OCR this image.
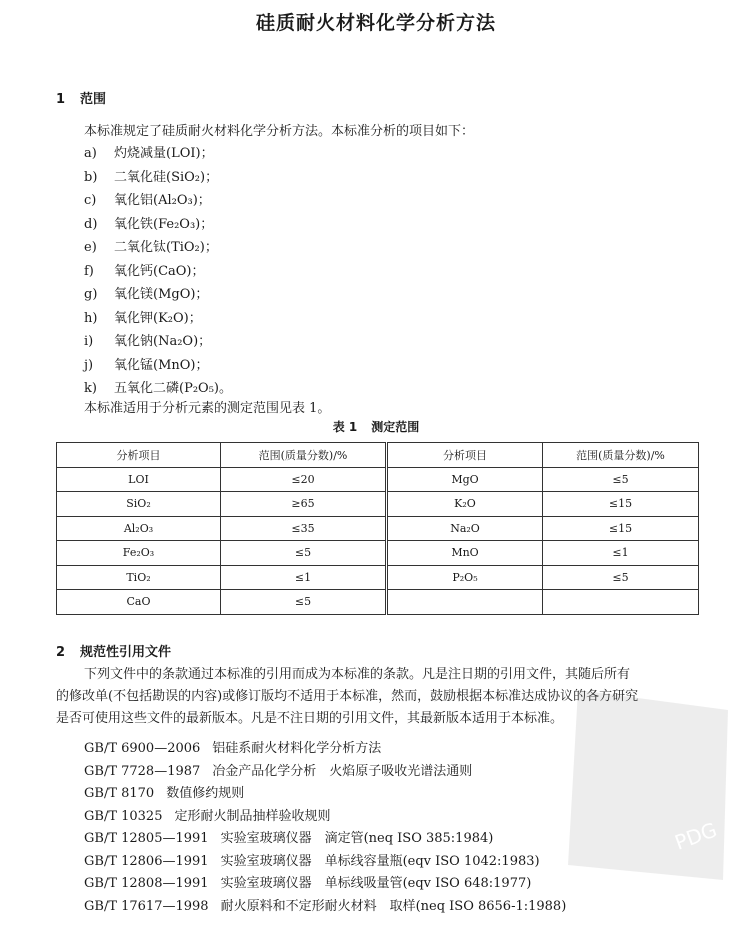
硅质耐火材料化学分析方法
1 范围
本标准规定了硅质耐火材料化学分析方法。本标准分析的项目如下：
a) 灼烧减量(LOI)；
b) 二氧化硅(SiO₂)；
c) 氧化铝(Al₂O₃)；
d) 氧化铁(Fe₂O₃)；
e) 二氧化钛(TiO₂)；
f) 氧化钙(CaO)；
g) 氧化镁(MgO)；
h) 氧化钾(K₂O)；
i) 氧化钠(Na₂O)；
j) 氧化锰(MnO)；
k) 五氧化二磷(P₂O₅)。
本标准适用于分析元素的测定范围见表 1。
表 1 测定范围
分析项目	范围(质量分数)/%	分析项目	范围(质量分数)/%
LOI	≤20	MgO	≤5
SiO₂	≥65	K₂O	≤15
Al₂O₃	≤35	Na₂O	≤15
Fe₂O₃	≤5	MnO	≤1
TiO₂	≤1	P₂O₅	≤5
CaO	≤5		
2 规范性引用文件
下列文件中的条款通过本标准的引用而成为本标准的条款。凡是注日期的引用文件，其随后所有
的修改单(不包括勘误的内容)或修订版均不适用于本标准，然而，鼓励根据本标准达成协议的各方研究
是否可使用这些文件的最新版本。凡是不注日期的引用文件，其最新版本适用于本标准。
GB/T 6900—2006 铝硅系耐火材料化学分析方法
GB/T 7728—1987 冶金产品化学分析　火焰原子吸收光谱法通则
GB/T 8170 数值修约规则
GB/T 10325 定形耐火制品抽样验收规则
GB/T 12805—1991 实验室玻璃仪器　滴定管(neq ISO 385:1984)
GB/T 12806—1991 实验室玻璃仪器　单标线容量瓶(eqv ISO 1042:1983)
GB/T 12808—1991 实验室玻璃仪器　单标线吸量管(eqv ISO 648:1977)
GB/T 17617—1998 耐火原料和不定形耐火材料　取样(neq ISO 8656-1:1988)
PDG
